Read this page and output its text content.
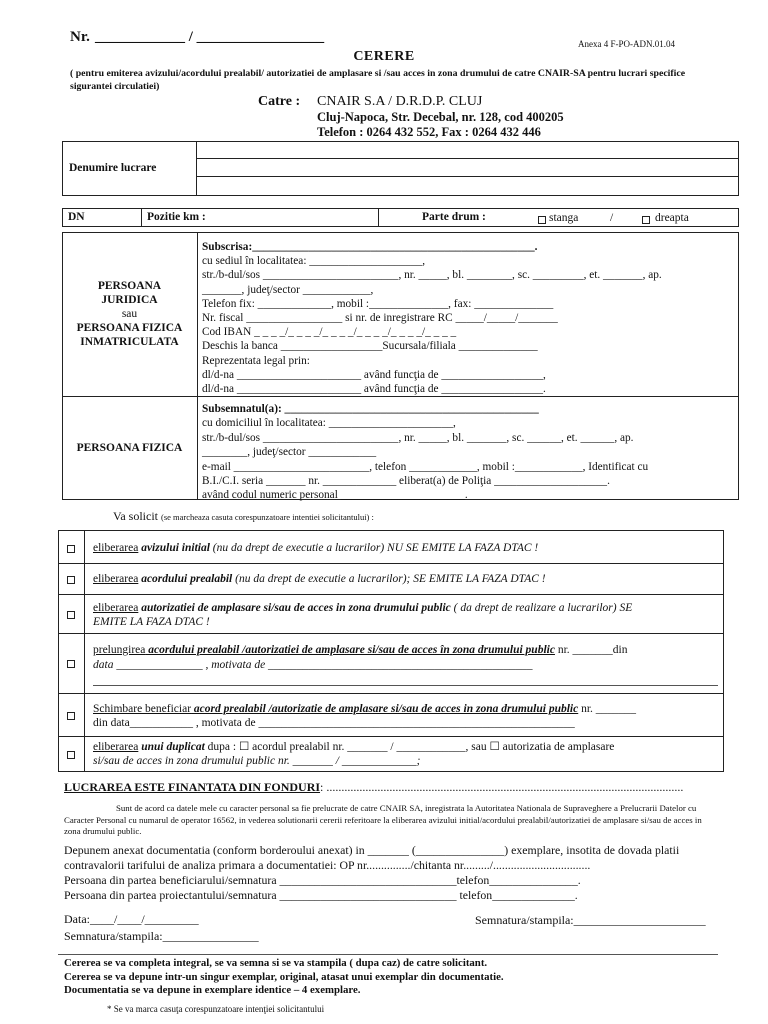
Nr. ____________ / _________________	Anexa 4 F-PO-ADN.01.04
CERERE
( pentru emiterea avizului/acordului prealabil/ autorizatiei de amplasare si /sau acces in zona drumului de catre CNAIR-SA pentru lucrari specifice sigurantei circulatiei)
Catre : CNAIR S.A / D.R.D.P. CLUJ
Cluj-Napoca, Str. Decebal, nr. 128, cod 400205
Telefon : 0264 432 552, Fax : 0264 432 446
Denumire lucrare
DN	Pozitie km :	Parte drum :	stanga	/	dreapta
PERSOANA
JURIDICA
sau
PERSOANA FIZICA
INMATRICULATA
Subscrisa:__________________________________________________.
cu sediul în localitatea: ____________________,
str./b-dul/sos ________________________, nr. _____, bl. ________, sc. _________, et. _______, ap.
_______, judeţ/sector ____________,
Telefon fix: _____________, mobil :______________, fax: ______________
Nr. fiscal _________________ si nr. de inregistrare RC _____/_____/_______
Cod IBAN _ _ _ _/_ _ _ _/_ _ _ _/_ _ _ _/_ _ _ _/_ _ _ _
Deschis la banca __________________Sucursala/filiala ______________
Reprezentata legal prin:
dl/d-na ______________________ având funcţia de __________________,
dl/d-na ______________________ având funcţia de __________________.
PERSOANA FIZICA
Subsemnatul(a): _____________________________________________
cu domiciliul în localitatea: ______________________,
str./b-dul/sos ________________________, nr. _____, bl. _______, sc. ______, et. ______, ap.
________, judeţ/sector ____________
e-mail ________________________, telefon ____________, mobil :____________, Identificat cu
B.I./C.I. seria _______ nr. _____________ eliberat(a) de Poliţia ____________________.
având codul numeric personal ______________________.
Va solicit (se marcheaza casuta corespunzatoare intentiei solicitantului) :
eliberarea avizului initial (nu da drept de executie a lucrarilor) NU SE EMITE LA FAZA DTAC !
eliberarea acordului prealabil (nu da drept de executie a lucrarilor); SE EMITE LA FAZA DTAC !
eliberarea autorizatiei de amplasare si/sau de acces in zona drumului public ( da drept de realizare a lucrarilor) SE
EMITE LA FAZA DTAC !
prelungirea acordului prealabil /autorizatiei de amplasare si/sau de acces în zona drumului public nr. _______din
data _______________ , motivata de ______________________________________________
Schimbare beneficiar acord prealabil /autorizatie de amplasare si/sau de acces in zona drumului public nr. _______
din data___________ , motivata de _______________________________________________________
eliberarea unui duplicat dupa : ☐ acordul prealabil nr. _______ / ____________, sau ☐ autorizatia de amplasare
si/sau de acces in zona drumului public nr. _______ / _____________;
LUCRAREA ESTE FINANTATA DIN FONDURI: .......................................................................................................................
Sunt de acord ca datele mele cu caracter personal sa fie prelucrate de catre CNAIR SA, inregistrata la Autoritatea Nationala de Supraveghere a Prelucrarii Datelor cu Caracter Personal cu numarul de operator 16562, in vederea solutionarii cererii referitoare la eliberarea avizului initial/acordului prealabil/autorizatiei de amplasare si/sau de acces in zona drumului public.
Depunem anexat documentatia (conform borderoului anexat) in _______ (_______________) exemplare, insotita de dovada platii
contravalorii tarifului de analiza primara a documentatiei: OP nr.............../chitanta nr........./.................................
Persoana din partea beneficiarului/semnatura ______________________________telefon_______________.
Persoana din partea proiectantului/semnatura ______________________________ telefon______________.
Data:____/____/_________
Semnatura/stampila:________________
Semnatura/stampila:______________________
Cererea se va completa integral, se va semna si se va stampila ( dupa caz) de catre solicitant.
Cererea se va depune intr-un singur exemplar, original, atasat unui exemplar din documentatie.
Documentatia se va depune in exemplare identice – 4 exemplare.
* Se va marca casuţa corespunzatoare intenţiei solicitantului
